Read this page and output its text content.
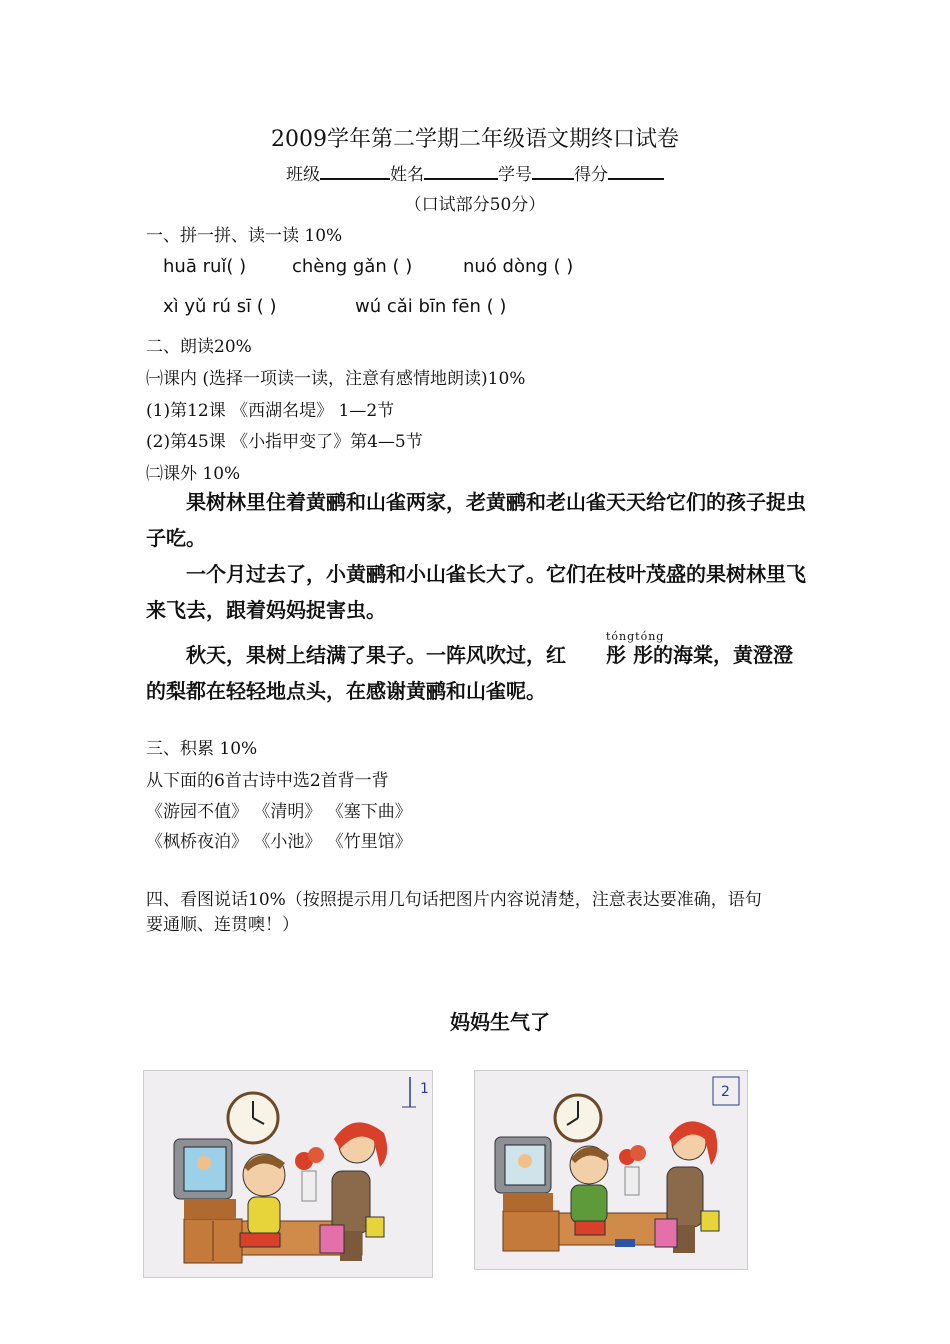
2009学年第二学期二年级语文期终口试卷
班级	姓名	学号 得分
（口试部分50分）
一、拼一拼、读一读 10%
huā ruǐ( )	chèng gǎn ( )	nuó dòng ( )
xì yǔ rú sī ( )	wú cǎi bīn fēn ( )
二、朗读20%
㈠课内 (选择一项读一读，注意有感情地朗读)10%
(1)第12课 《西湖名堤》 1—2节
(2)第45课 《小指甲变了》第4—5节
㈡课外 10%

果树林里住着黄鹂和山雀两家，老黄鹂和老山雀天天给它们的孩子捉虫子吃。

一个月过去了，小黄鹂和小山雀长大了。它们在枝叶茂盛的果树林里飞来飞去，跟着妈妈捉害虫。

秋天，果树上结满了果子。一阵风吹过，红
tóngtóng
彤 彤的海棠，黄澄澄的梨都在轻轻地点头，在感谢黄鹂和山雀呢。

三、积累 10%
从下面的6首古诗中选2首背一背
《游园不值》 《清明》 《塞下曲》
《枫桥夜泊》 《小池》 《竹里馆》
四、看图说话10%（按照提示用几句话把图片内容说清楚，注意表达要准确，语句
要通顺、连贯噢！）
妈妈生气了
1	2
